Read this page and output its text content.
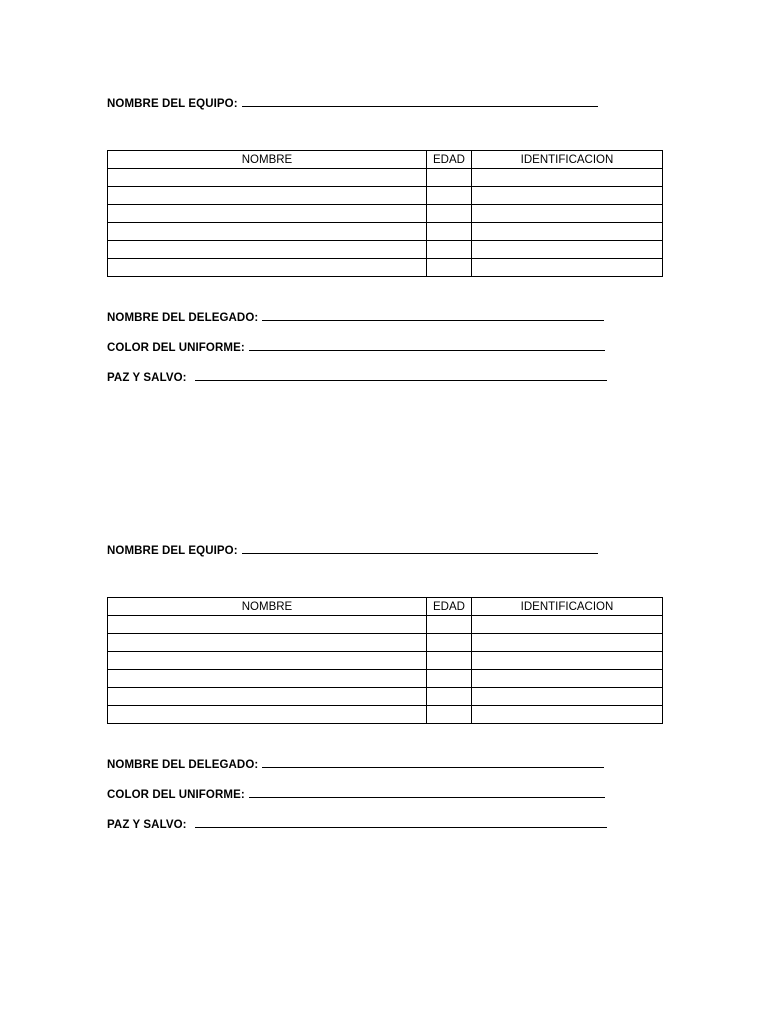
NOMBRE DEL EQUIPO:
NOMBRE	EDAD	IDENTIFICACION

NOMBRE DEL DELEGADO:
COLOR DEL UNIFORME:
PAZ Y SALVO:
NOMBRE DEL EQUIPO:
NOMBRE	EDAD	IDENTIFICACION

NOMBRE DEL DELEGADO:
COLOR DEL UNIFORME:
PAZ Y SALVO:
